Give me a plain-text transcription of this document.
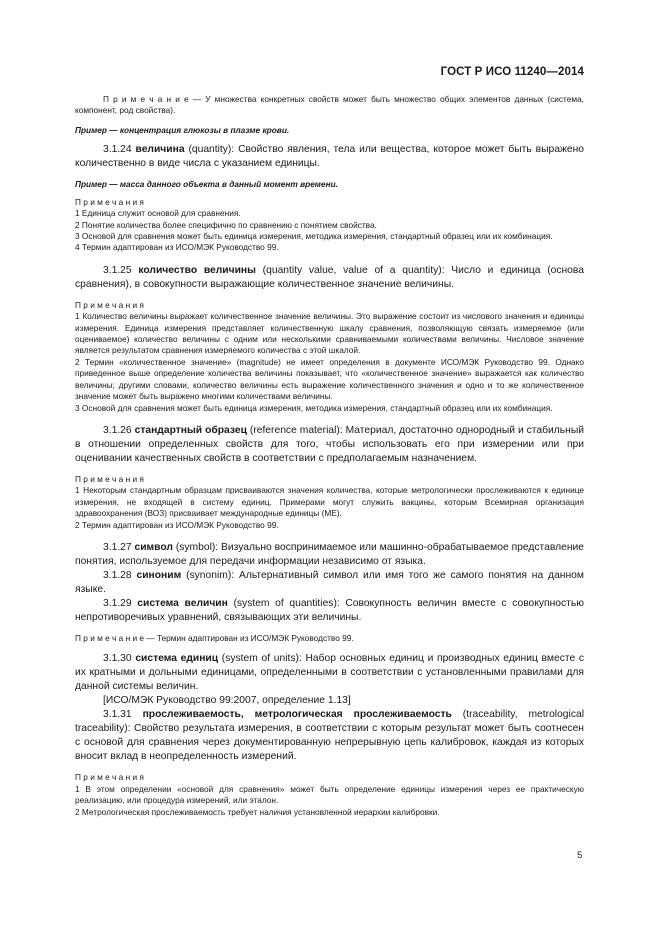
ГОСТ Р ИСО 11240—2014

П р и м е ч а н и е — У множества конкретных свойств может быть множество общих элементов данных (система, компонент, род свойства).

Пример — концентрация глюкозы в плазме крови.

3.1.24 величина (quantity): Свойство явления, тела или вещества, которое может быть выражено количественно в виде числа с указанием единицы.

Пример — масса данного объекта в данный момент времени.

П р и м е ч а н и я

1 Единица служит основой для сравнения.

2 Понятие количества более специфично по сравнению с понятием свойства.

3 Основой для сравнения может быть единица измерения, методика измерения, стандартный образец или их комбинация.

4 Термин адаптирован из ИСО/МЭК Руководство 99.

3.1.25 количество величины (quantity value, value of a quantity): Число и единица (основа сравнения), в совокупности выражающие количественное значение величины.

П р и м е ч а н и я

1 Количество величины выражает количественное значение величины. Это выражение состоит из числового значения и единицы измерения. Единица измерения представляет количественную шкалу сравнения, позволяющую связать измеряемое (или оцениваемое) количество величины с одним или несколькими сравниваемыми количествами величины. Числовое значение является результатом сравнения измеряемого количества с этой шкалой.

2 Термин «количественное значение» (magnitude) не имеет определения в документе ИСО/МЭК Руководство 99. Однако приведенное выше определение количества величины показывает, что «количественное значение» выражается как количество величины; другими словами, количество величины есть выражение количественного значения и одно и то же количественное значение может быть выражено многими количествами величины.

3 Основой для сравнения может быть единица измерения, методика измерения, стандартный образец или их комбинация.

3.1.26 стандартный образец (reference material): Материал, достаточно однородный и стабильный в отношении определенных свойств для того, чтобы использовать его при измерении или при оценивании качественных свойств в соответствии с предполагаемым назначением.

П р и м е ч а н и я

1 Некоторым стандартным образцам присваиваются значения количества, которые метрологически прослеживаются к единице измерения, не входящей в систему единиц. Примерами могут служить вакцины, которым Всемирная организация здравоохранения (ВОЗ) присваивает международные единицы (МЕ).

2 Термин адаптирован из ИСО/МЭК Руководство 99.

3.1.27 символ (symbol): Визуально воспринимаемое или машинно-обрабатываемое представление понятия, используемое для передачи информации независимо от языка.

3.1.28 синоним (synonim): Альтернативный символ или имя того же самого понятия на данном языке.

3.1.29 система величин (system of quantities): Совокупность величин вместе с совокупностью непротиворечивых уравнений, связывающих эти величины.

П р и м е ч а н и е — Термин адаптирован из ИСО/МЭК Руководство 99.

3.1.30 система единиц (system of units): Набор основных единиц и производных единиц вместе с их кратными и дольными единицами, определенными в соответствии с установленными правилами для данной системы величин.

[ИСО/МЭК Руководство 99:2007, определение 1.13]

3.1.31 прослеживаемость, метрологическая прослеживаемость (traceability, metrological traceability): Свойство результата измерения, в соответствии с которым результат может быть соотнесен с основой для сравнения через документированную непрерывную цепь калибровок, каждая из которых вносит вклад в неопределенность измерений.

П р и м е ч а н и я

1 В этом определении «основой для сравнения» может быть определение единицы измерения через ее практическую реализацию, или процедура измерений, или эталон.

2 Метрологическая прослеживаемость требует наличия установленной иерархии калибровки.

5
